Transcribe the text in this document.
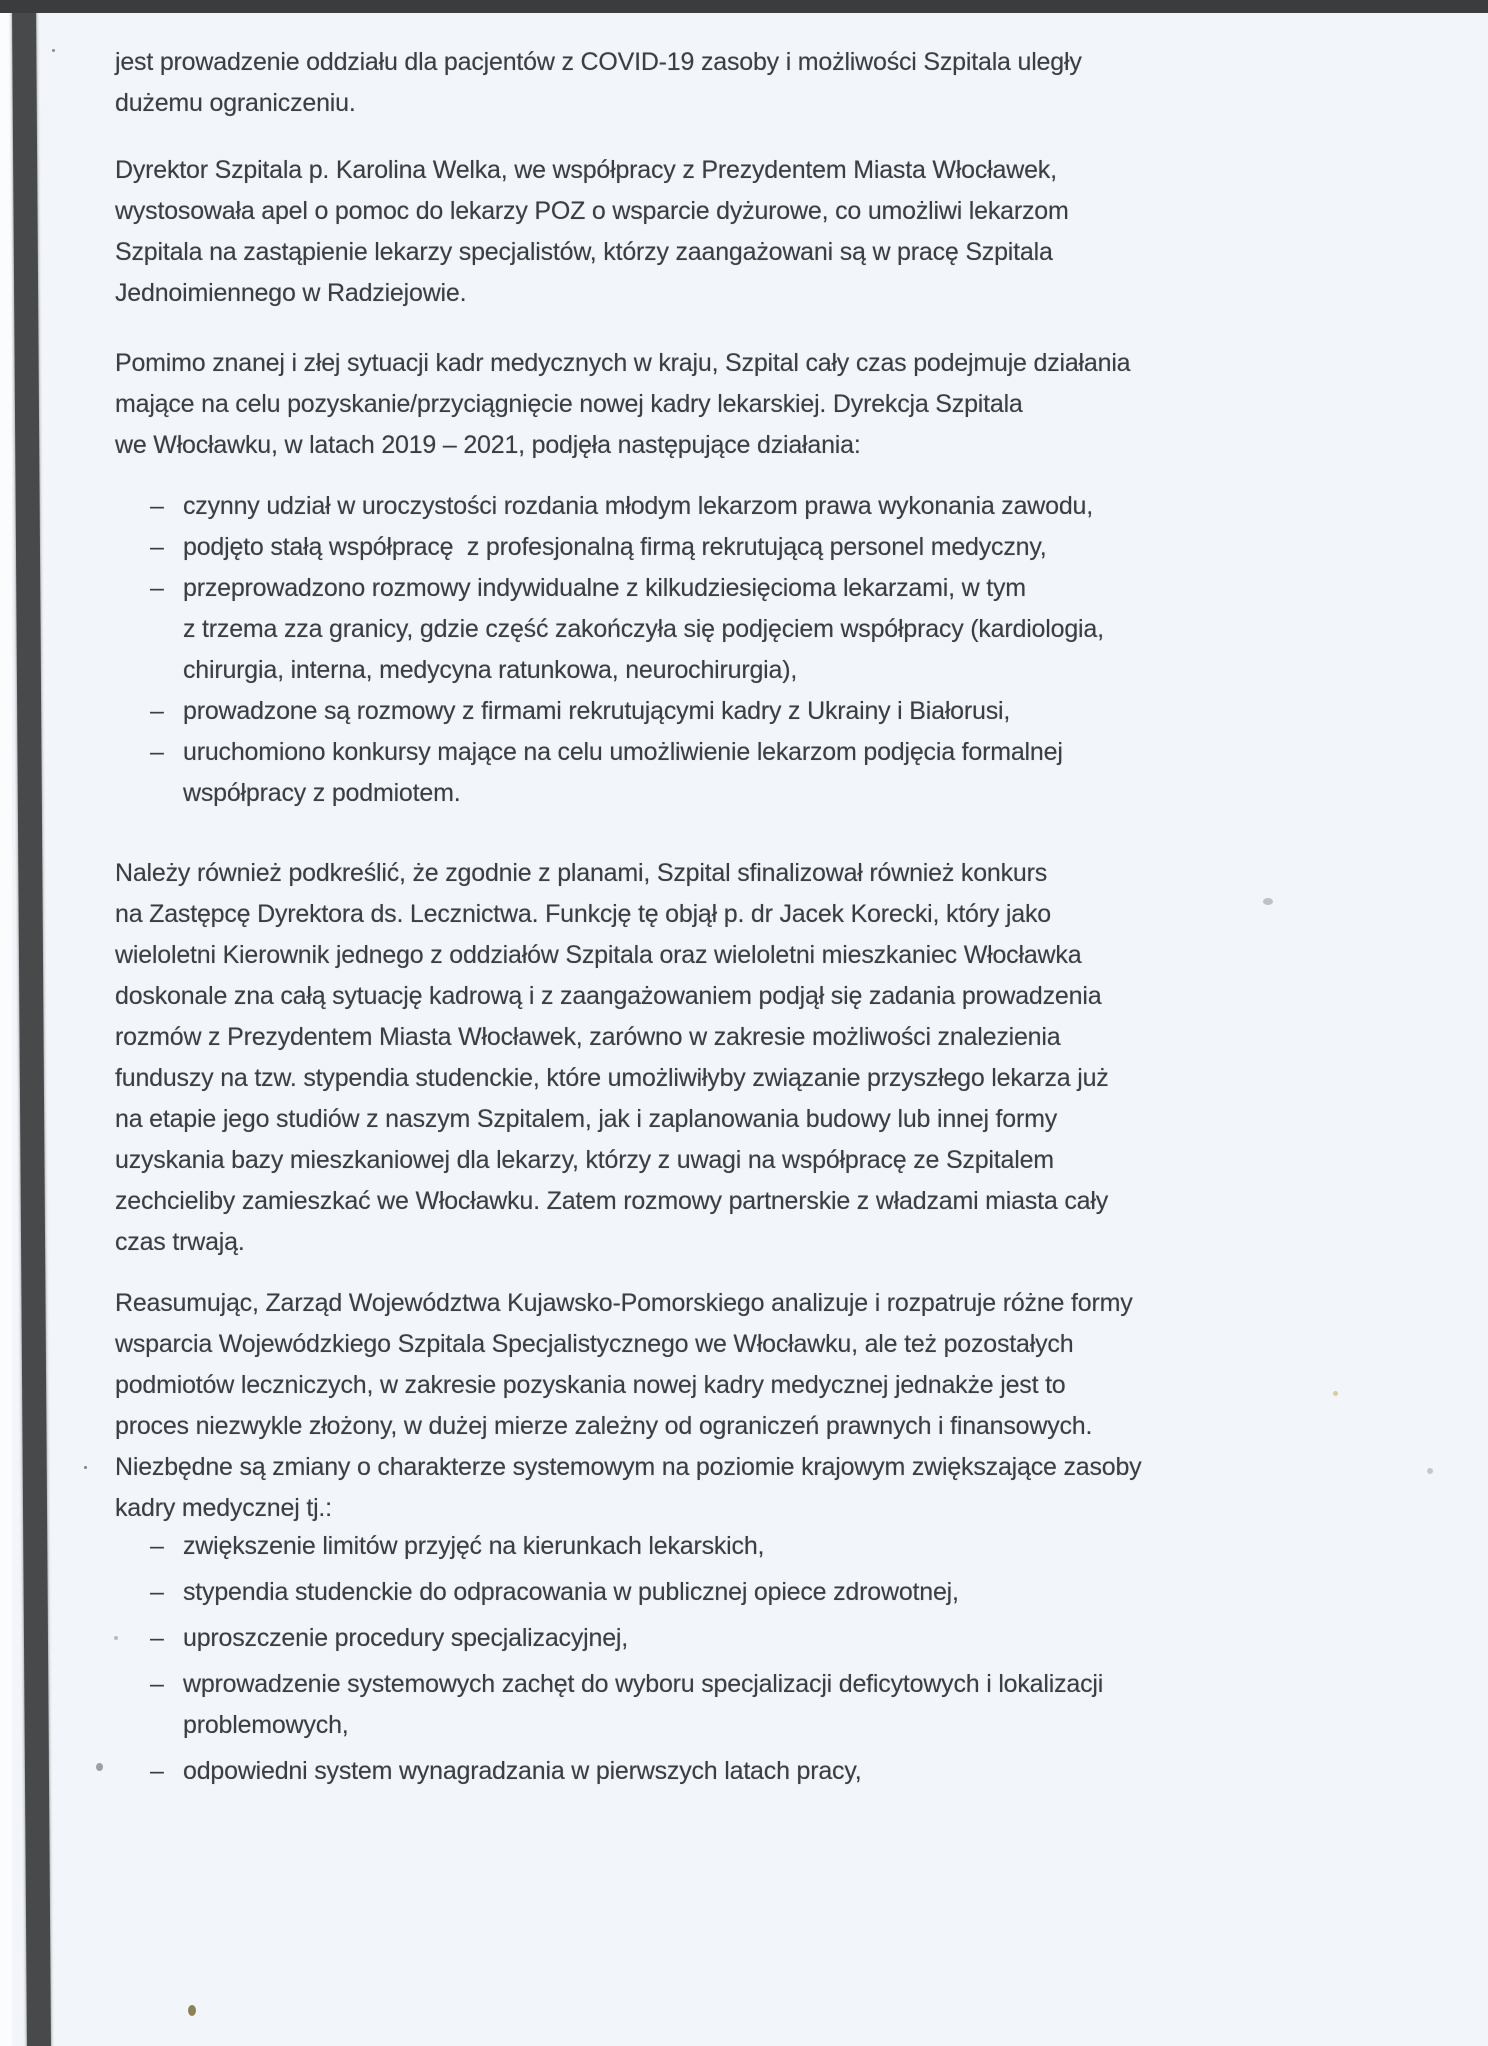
jest prowadzenie oddziału dla pacjentów z COVID-19 zasoby i możliwości Szpitala uległy
dużemu ograniczeniu.
Dyrektor Szpitala p. Karolina Welka, we współpracy z Prezydentem Miasta Włocławek,
wystosowała apel o pomoc do lekarzy POZ o wsparcie dyżurowe, co umożliwi lekarzom
Szpitala na zastąpienie lekarzy specjalistów, którzy zaangażowani są w pracę Szpitala
Jednoimiennego w Radziejowie.
Pomimo znanej i złej sytuacji kadr medycznych w kraju, Szpital cały czas podejmuje działania
mające na celu pozyskanie/przyciągnięcie nowej kadry lekarskiej. Dyrekcja Szpitala
we Włocławku, w latach 2019 – 2021, podjęła następujące działania:
– czynny udział w uroczystości rozdania młodym lekarzom prawa wykonania zawodu,
– podjęto stałą współpracę  z profesjonalną firmą rekrutującą personel medyczny,
– przeprowadzono rozmowy indywidualne z kilkudziesięcioma lekarzami, w tym
z trzema zza granicy, gdzie część zakończyła się podjęciem współpracy (kardiologia,
chirurgia, interna, medycyna ratunkowa, neurochirurgia),
– prowadzone są rozmowy z firmami rekrutującymi kadry z Ukrainy i Białorusi,
– uruchomiono konkursy mające na celu umożliwienie lekarzom podjęcia formalnej
współpracy z podmiotem.
Należy również podkreślić, że zgodnie z planami, Szpital sfinalizował również konkurs
na Zastępcę Dyrektora ds. Lecznictwa. Funkcję tę objął p. dr Jacek Korecki, który jako
wieloletni Kierownik jednego z oddziałów Szpitala oraz wieloletni mieszkaniec Włocławka
doskonale zna całą sytuację kadrową i z zaangażowaniem podjął się zadania prowadzenia
rozmów z Prezydentem Miasta Włocławek, zarówno w zakresie możliwości znalezienia
funduszy na tzw. stypendia studenckie, które umożliwiłyby związanie przyszłego lekarza już
na etapie jego studiów z naszym Szpitalem, jak i zaplanowania budowy lub innej formy
uzyskania bazy mieszkaniowej dla lekarzy, którzy z uwagi na współpracę ze Szpitalem
zechcieliby zamieszkać we Włocławku. Zatem rozmowy partnerskie z władzami miasta cały
czas trwają.
Reasumując, Zarząd Województwa Kujawsko-Pomorskiego analizuje i rozpatruje różne formy
wsparcia Wojewódzkiego Szpitala Specjalistycznego we Włocławku, ale też pozostałych
podmiotów leczniczych, w zakresie pozyskania nowej kadry medycznej jednakże jest to
proces niezwykle złożony, w dużej mierze zależny od ograniczeń prawnych i finansowych.
Niezbędne są zmiany o charakterze systemowym na poziomie krajowym zwiększające zasoby
kadry medycznej tj.:
– zwiększenie limitów przyjęć na kierunkach lekarskich,
– stypendia studenckie do odpracowania w publicznej opiece zdrowotnej,
– uproszczenie procedury specjalizacyjnej,
– wprowadzenie systemowych zachęt do wyboru specjalizacji deficytowych i lokalizacji
problemowych,
– odpowiedni system wynagradzania w pierwszych latach pracy,
